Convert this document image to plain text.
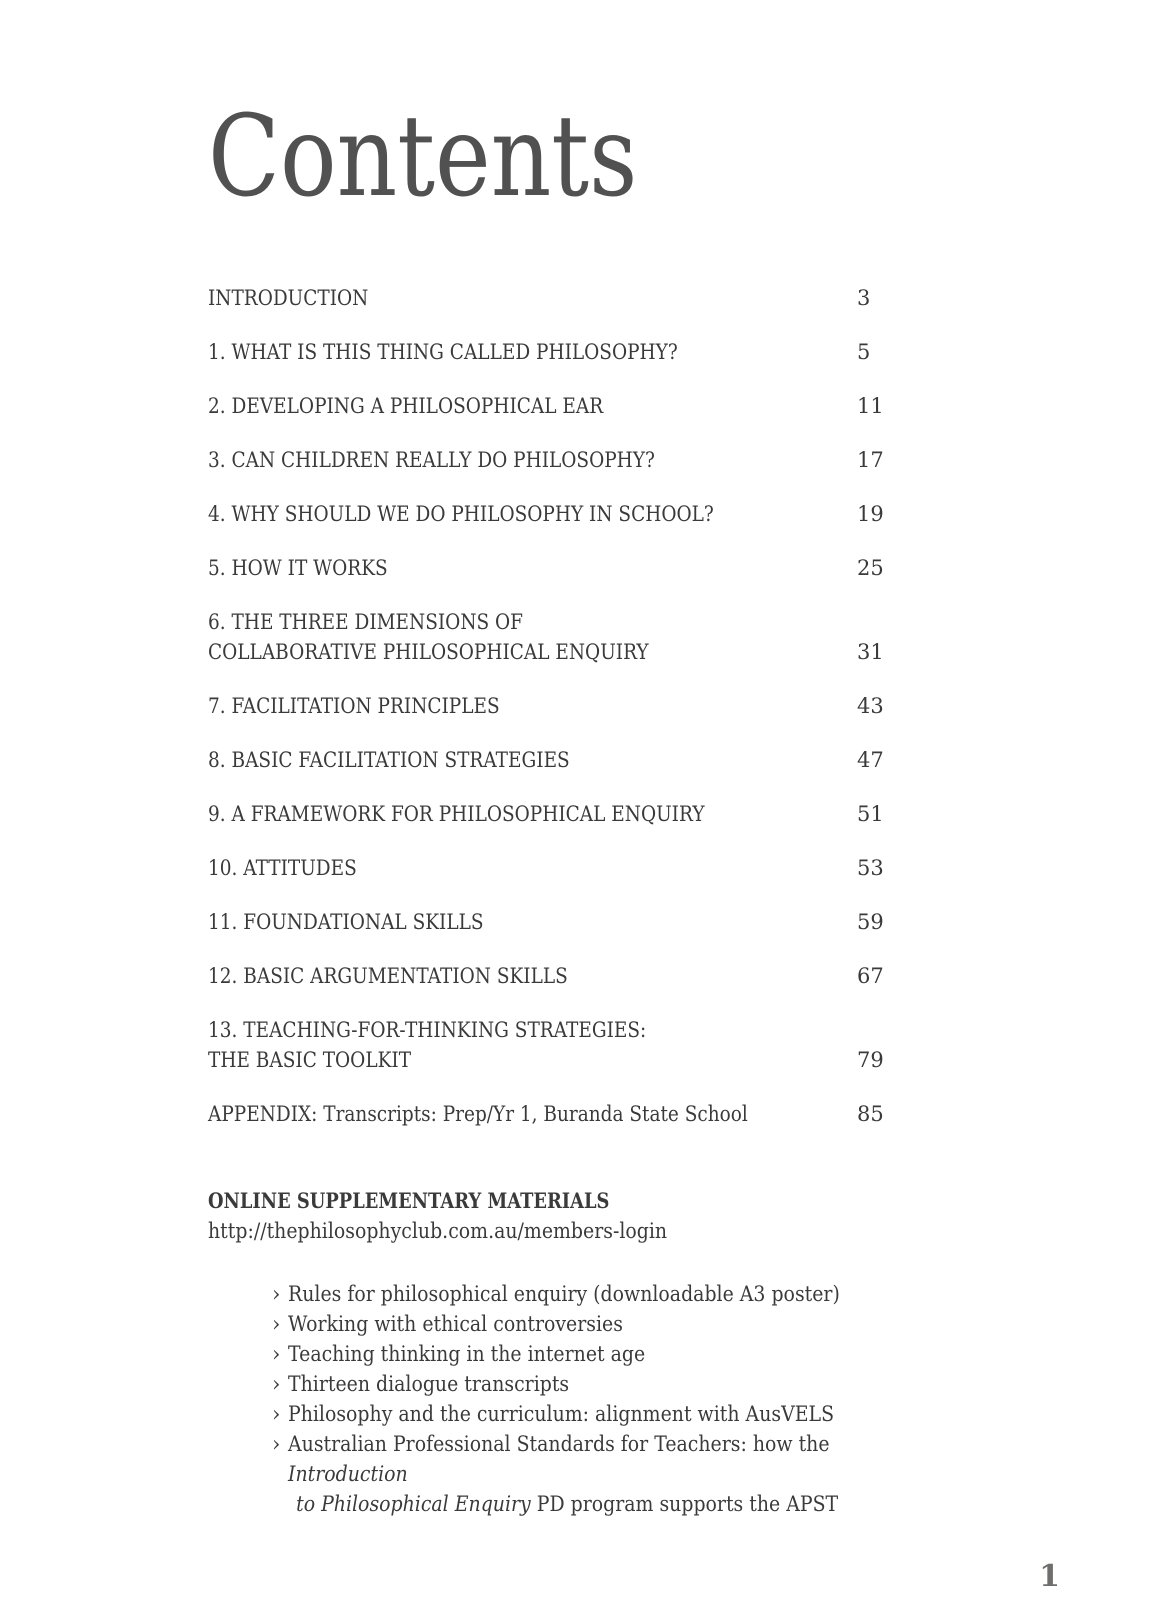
Contents
INTRODUCTION	3
1. WHAT IS THIS THING CALLED PHILOSOPHY?	5
2. DEVELOPING A PHILOSOPHICAL EAR	11
3. CAN CHILDREN REALLY DO PHILOSOPHY?	17
4. WHY SHOULD WE DO PHILOSOPHY IN SCHOOL?	19
5. HOW IT WORKS	25
6. THE THREE DIMENSIONS OF
COLLABORATIVE PHILOSOPHICAL ENQUIRY	31
7. FACILITATION PRINCIPLES	43
8. BASIC FACILITATION STRATEGIES	47
9. A FRAMEWORK FOR PHILOSOPHICAL ENQUIRY	51
10. ATTITUDES	53
11. FOUNDATIONAL SKILLS	59
12. BASIC ARGUMENTATION SKILLS	67
13. TEACHING-FOR-THINKING STRATEGIES:
THE BASIC TOOLKIT	79
APPENDIX: Transcripts: Prep/Yr 1, Buranda State School	85
ONLINE SUPPLEMENTARY MATERIALS
http://thephilosophyclub.com.au/members-login
› Rules for philosophical enquiry (downloadable A3 poster)
› Working with ethical controversies
› Teaching thinking in the internet age
› Thirteen dialogue transcripts
› Philosophy and the curriculum: alignment with AusVELS
› Australian Professional Standards for Teachers: how the Introduction
to Philosophical Enquiry PD program supports the APST
1
